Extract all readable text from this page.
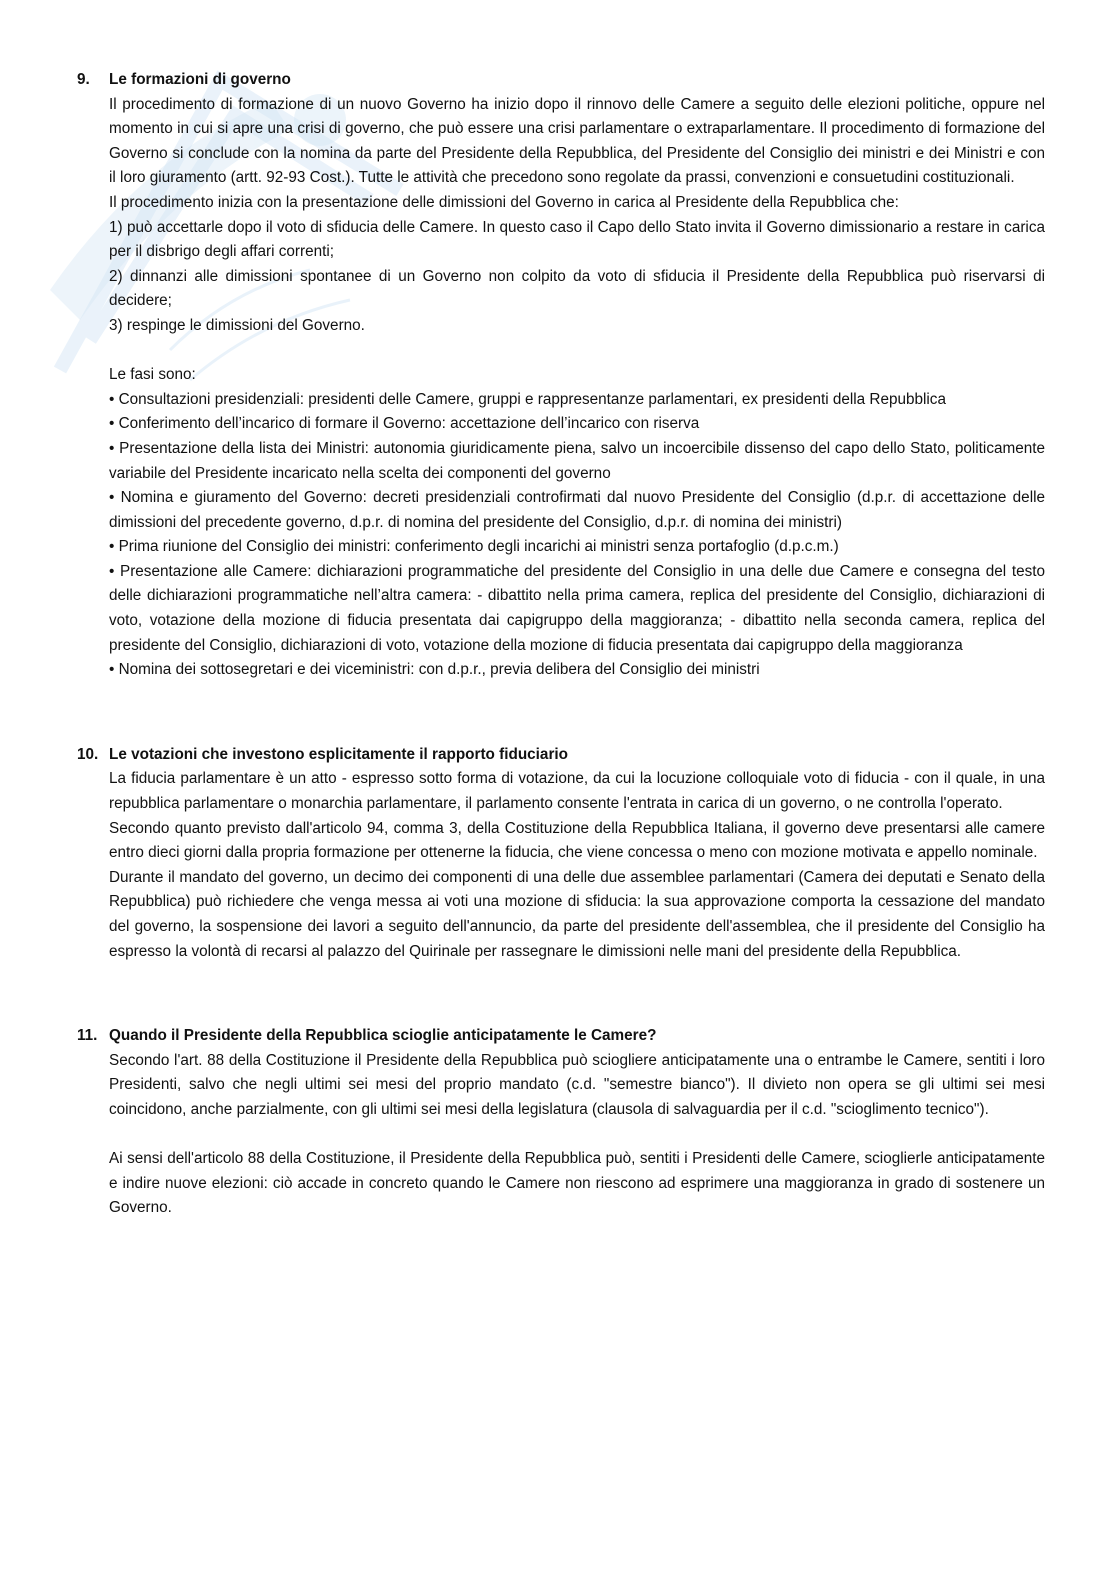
9.	Le formazioni di governo

Il procedimento di formazione di un nuovo Governo ha inizio dopo il rinnovo delle Camere a seguito delle elezioni politiche, oppure nel momento in cui si apre una crisi di governo, che può essere una crisi parlamentare o extraparlamentare. Il procedimento di formazione del Governo si conclude con la nomina da parte del Presidente della Repubblica, del Presidente del Consiglio dei ministri e dei Ministri e con il loro giuramento (artt. 92-93 Cost.). Tutte le attività che precedono sono regolate da prassi, convenzioni e consuetudini costituzionali.

Il procedimento inizia con la presentazione delle dimissioni del Governo in carica al Presidente della Repubblica che:

1) può accettarle dopo il voto di sfiducia delle Camere. In questo caso il Capo dello Stato invita il Governo dimissionario a restare in carica per il disbrigo degli affari correnti;

2) dinnanzi alle dimissioni spontanee di un Governo non colpito da voto di sfiducia il Presidente della Repubblica può riservarsi di decidere;

3) respinge le dimissioni del Governo.

Le fasi sono:

• Consultazioni presidenziali: presidenti delle Camere, gruppi e rappresentanze parlamentari, ex presidenti della Repubblica

• Conferimento dell’incarico di formare il Governo: accettazione dell’incarico con riserva

• Presentazione della lista dei Ministri: autonomia giuridicamente piena, salvo un incoercibile dissenso del capo dello Stato, politicamente variabile del Presidente incaricato nella scelta dei componenti del governo

• Nomina e giuramento del Governo: decreti presidenziali controfirmati dal nuovo Presidente del Consiglio (d.p.r. di accettazione delle dimissioni del precedente governo, d.p.r. di nomina del presidente del Consiglio, d.p.r. di nomina dei ministri)

• Prima riunione del Consiglio dei ministri: conferimento degli incarichi ai ministri senza portafoglio (d.p.c.m.)

• Presentazione alle Camere: dichiarazioni programmatiche del presidente del Consiglio in una delle due Camere e consegna del testo delle dichiarazioni programmatiche nell’altra camera: - dibattito nella prima camera, replica del presidente del Consiglio, dichiarazioni di voto, votazione della mozione di fiducia presentata dai capigruppo della maggioranza; - dibattito nella seconda camera, replica del presidente del Consiglio, dichiarazioni di voto, votazione della mozione di fiducia presentata dai capigruppo della maggioranza

• Nomina dei sottosegretari e dei viceministri: con d.p.r., previa delibera del Consiglio dei ministri

10. Le votazioni che investono esplicitamente il rapporto fiduciario

La fiducia parlamentare è un atto - espresso sotto forma di votazione, da cui la locuzione colloquiale voto di fiducia - con il quale, in una repubblica parlamentare o monarchia parlamentare, il parlamento consente l'entrata in carica di un governo, o ne controlla l'operato.

Secondo quanto previsto dall'articolo 94, comma 3, della Costituzione della Repubblica Italiana, il governo deve presentarsi alle camere entro dieci giorni dalla propria formazione per ottenerne la fiducia, che viene concessa o meno con mozione motivata e appello nominale.

Durante il mandato del governo, un decimo dei componenti di una delle due assemblee parlamentari (Camera dei deputati e Senato della Repubblica) può richiedere che venga messa ai voti una mozione di sfiducia: la sua approvazione comporta la cessazione del mandato del governo, la sospensione dei lavori a seguito dell'annuncio, da parte del presidente dell'assemblea, che il presidente del Consiglio ha espresso la volontà di recarsi al palazzo del Quirinale per rassegnare le dimissioni nelle mani del presidente della Repubblica.

11. Quando il Presidente della Repubblica scioglie anticipatamente le Camere?

Secondo l'art. 88 della Costituzione il Presidente della Repubblica può sciogliere anticipatamente una o entrambe le Camere, sentiti i loro Presidenti, salvo che negli ultimi sei mesi del proprio mandato (c.d. "semestre bianco"). Il divieto non opera se gli ultimi sei mesi coincidono, anche parzialmente, con gli ultimi sei mesi della legislatura (clausola di salvaguardia per il c.d. "scioglimento tecnico").

Ai sensi dell'articolo 88 della Costituzione, il Presidente della Repubblica può, sentiti i Presidenti delle Camere, scioglierle anticipatamente e indire nuove elezioni: ciò accade in concreto quando le Camere non riescono ad esprimere una maggioranza in grado di sostenere un Governo.
